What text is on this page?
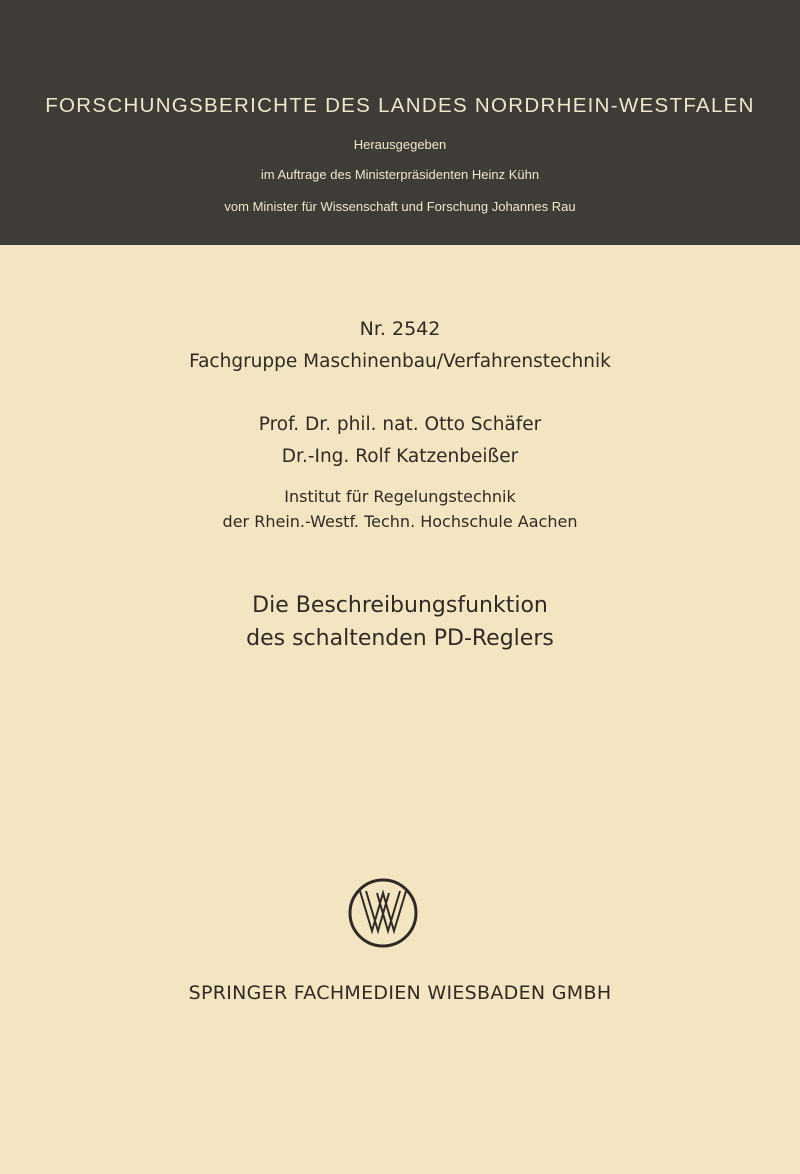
FORSCHUNGSBERICHTE DES LANDES NORDRHEIN-WESTFALEN
Herausgegeben
im Auftrage des Ministerpräsidenten Heinz Kühn
vom Minister für Wissenschaft und Forschung Johannes Rau
Nr. 2542
Fachgruppe Maschinenbau/Verfahrenstechnik
Prof. Dr. phil. nat. Otto Schäfer
Dr.-Ing. Rolf Katzenbeißer
Institut für Regelungstechnik
der Rhein.-Westf. Techn. Hochschule Aachen
Die Beschreibungsfunktion
des schaltenden PD-Reglers
SPRINGER FACHMEDIEN WIESBADEN GMBH
